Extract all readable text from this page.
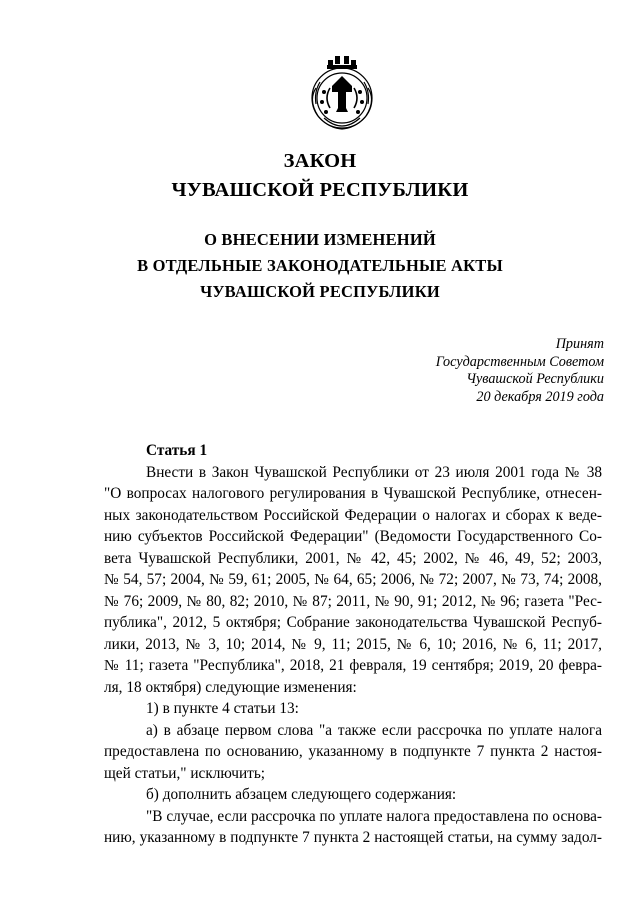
ЗАКОН
ЧУВАШСКОЙ РЕСПУБЛИКИ
О ВНЕСЕНИИ ИЗМЕНЕНИЙ
В ОТДЕЛЬНЫЕ ЗАКОНОДАТЕЛЬНЫЕ АКТЫ
ЧУВАШСКОЙ РЕСПУБЛИКИ
Принят
Государственным Советом
Чувашской Республики
20 декабря 2019 года
Статья 1
Внести в Закон Чувашской Республики от 23 июля 2001 года № 38
"О вопросах налогового регулирования в Чувашской Республике, отнесен-
ных законодательством Российской Федерации о налогах и сборах к веде-
нию субъектов Российской Федерации" (Ведомости Государственного Со-
вета Чувашской Республики, 2001, № 42, 45; 2002, № 46, 49, 52; 2003,
№ 54, 57; 2004, № 59, 61; 2005, № 64, 65; 2006, № 72; 2007, № 73, 74; 2008,
№ 76; 2009, № 80, 82; 2010, № 87; 2011, № 90, 91; 2012, № 96; газета "Рес-
публика", 2012, 5 октября; Собрание законодательства Чувашской Респуб-
лики, 2013, № 3, 10; 2014, № 9, 11; 2015, № 6, 10; 2016, № 6, 11; 2017,
№ 11; газета "Республика", 2018, 21 февраля, 19 сентября; 2019, 20 февра-
ля, 18 октября) следующие изменения:
1) в пункте 4 статьи 13:
а) в абзаце первом слова "а также если рассрочка по уплате налога
предоставлена по основанию, указанному в подпункте 7 пункта 2 настоя-
щей статьи," исключить;
б) дополнить абзацем следующего содержания:
"В случае, если рассрочка по уплате налога предоставлена по основа-
нию, указанному в подпункте 7 пункта 2 настоящей статьи, на сумму задол-
